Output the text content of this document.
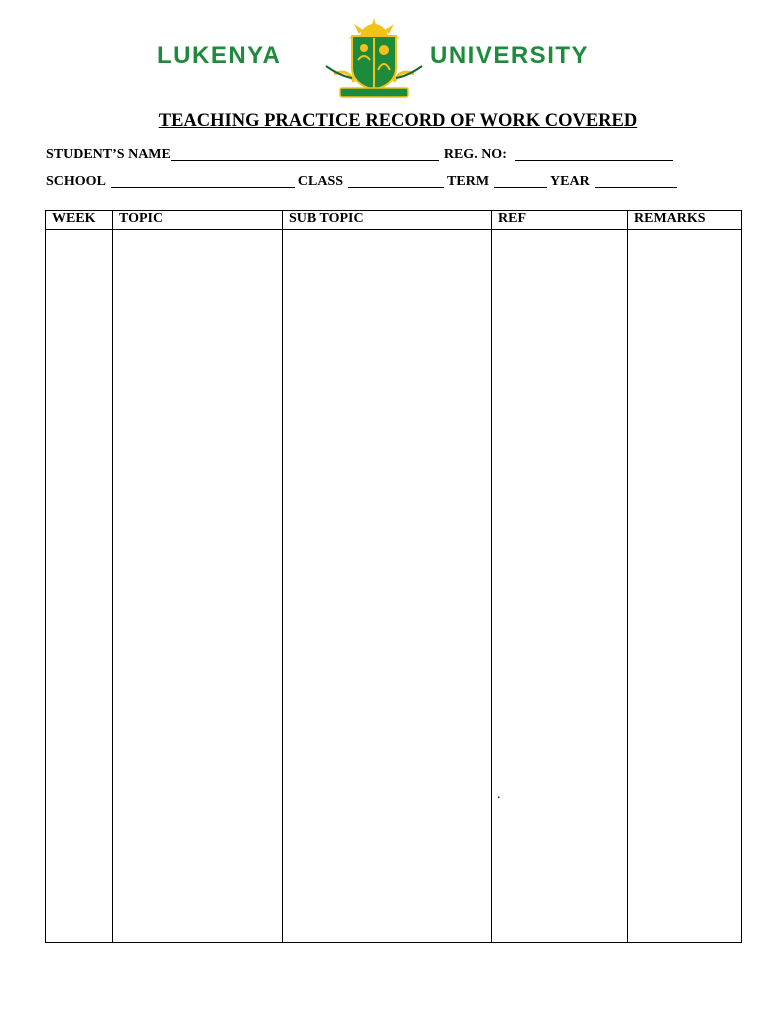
LUKENYA	UNIVERSITY
TEACHING PRACTICE RECORD OF WORK COVERED
STUDENT’S NAME	REG. NO:
SCHOOL	CLASS	TERM	YEAR
WEEK	TOPIC	SUB TOPIC	REF	REMARKS

.
